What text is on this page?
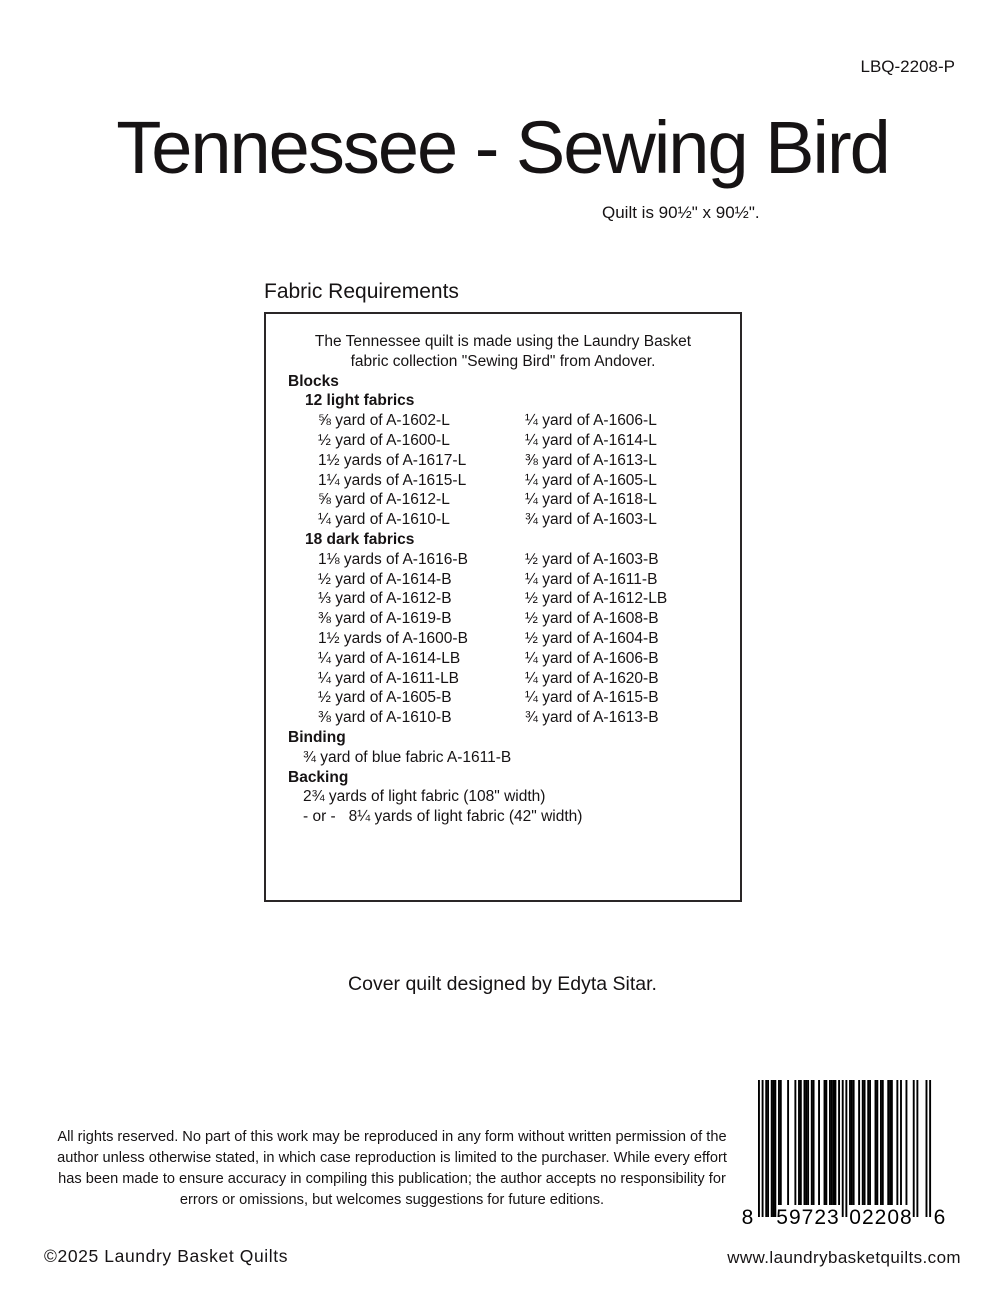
LBQ-2208-P
Tennessee - Sewing Bird
Quilt is 90½" x 90½".
Fabric Requirements
The Tennessee quilt is made using the Laundry Basket
fabric collection "Sewing Bird" from Andover.
Blocks
12 light fabrics
⅝ yard of A-1602-L	¼ yard of A-1606-L
½ yard of A-1600-L	¼ yard of A-1614-L
1½ yards of A-1617-L	⅜ yard of A-1613-L
1¼ yards of A-1615-L	¼ yard of A-1605-L
⅝ yard of A-1612-L	¼ yard of A-1618-L
¼ yard of A-1610-L	¾ yard of A-1603-L
18 dark fabrics
1⅛ yards of A-1616-B	½ yard of A-1603-B
½ yard of A-1614-B	¼ yard of A-1611-B
⅓ yard of A-1612-B	½ yard of A-1612-LB
⅜ yard of A-1619-B	½ yard of A-1608-B
1½ yards of A-1600-B	½ yard of A-1604-B
¼ yard of A-1614-LB	¼ yard of A-1606-B
¼ yard of A-1611-LB	¼ yard of A-1620-B
½ yard of A-1605-B	¼ yard of A-1615-B
⅜ yard of A-1610-B	¾ yard of A-1613-B
Binding
¾ yard of blue fabric A-1611-B
Backing
2¾ yards of light fabric (108" width)
- or -   8¼ yards of light fabric (42" width)
Cover quilt designed by Edyta Sitar.
All rights reserved. No part of this work may be reproduced in any form without written permission of the
author unless otherwise stated, in which case reproduction is limited to the purchaser. While every effort
has been made to ensure accuracy in compiling this publication; the author accepts no responsibility for
errors or omissions, but welcomes suggestions for future editions.
8 59723 02208 6
©2025 Laundry Basket Quilts	www.laundrybasketquilts.com
